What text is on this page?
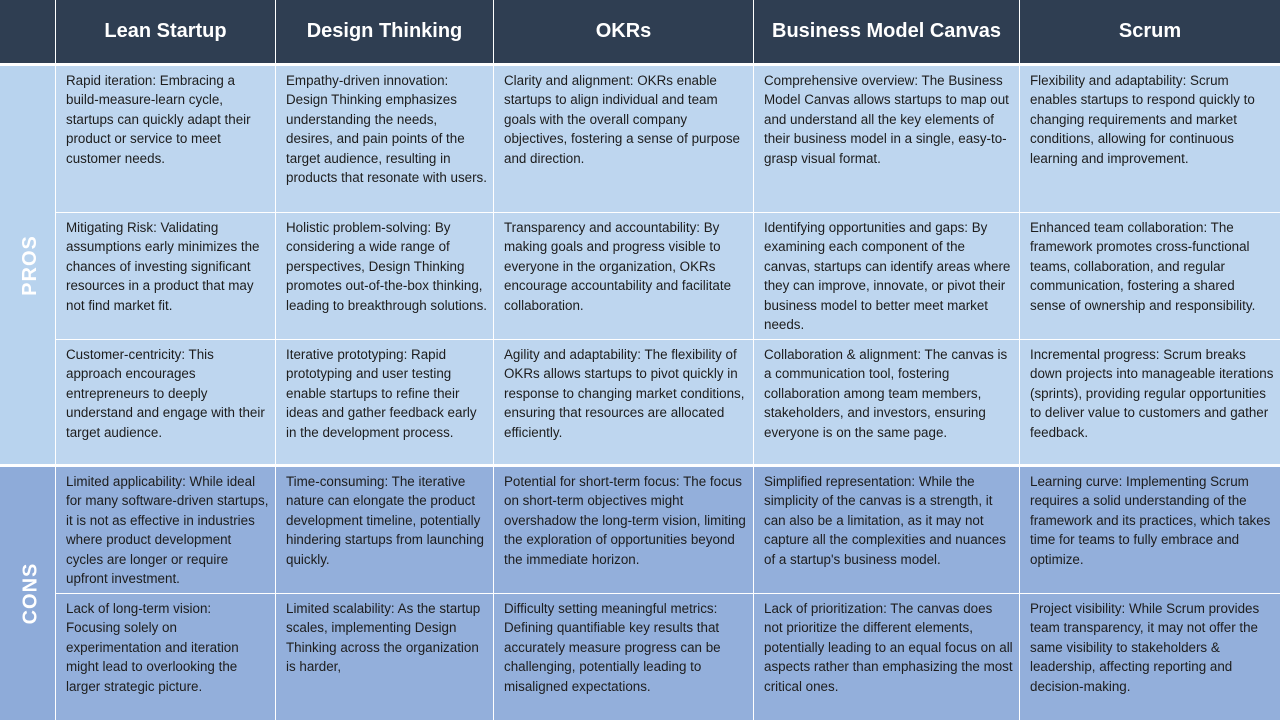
	Lean Startup	Design Thinking	OKRs	Business Model Canvas	Scrum
PROS	Rapid iteration: Embracing a build-measure-learn cycle, startups can quickly adapt their product or service to meet customer needs.	Empathy-driven innovation: Design Thinking emphasizes understanding the needs, desires, and pain points of the target audience, resulting in products that resonate with users.	Clarity and alignment: OKRs enable startups to align individual and team goals with the overall company objectives, fostering a sense of purpose and direction.	Comprehensive overview: The Business Model Canvas allows startups to map out and understand all the key elements of their business model in a single, easy-to-grasp visual format.	Flexibility and adaptability: Scrum enables startups to respond quickly to changing requirements and market conditions, allowing for continuous learning and improvement.
	Mitigating Risk: Validating assumptions early minimizes the chances of investing significant resources in a product that may not find market fit.	Holistic problem-solving: By considering a wide range of perspectives, Design Thinking promotes out-of-the-box thinking, leading to breakthrough solutions.	Transparency and accountability: By making goals and progress visible to everyone in the organization, OKRs encourage accountability and facilitate collaboration.	Identifying opportunities and gaps: By examining each component of the canvas, startups can identify areas where they can improve, innovate, or pivot their business model to better meet market needs.	Enhanced team collaboration: The framework promotes cross-functional teams, collaboration, and regular communication, fostering a shared sense of ownership and responsibility.
	Customer-centricity: This approach encourages entrepreneurs to deeply understand and engage with their target audience.	Iterative prototyping: Rapid prototyping and user testing enable startups to refine their ideas and gather feedback early in the development process.	Agility and adaptability: The flexibility of OKRs allows startups to pivot quickly in response to changing market conditions, ensuring that resources are allocated efficiently.	Collaboration & alignment: The canvas is a communication tool, fostering collaboration among team members, stakeholders, and investors, ensuring everyone is on the same page.	Incremental progress: Scrum breaks down projects into manageable iterations (sprints), providing regular opportunities to deliver value to customers and gather feedback.
CONS	Limited applicability: While ideal for many software-driven startups, it is not as effective in industries where product development cycles are longer or require upfront investment.	Time-consuming: The iterative nature can elongate the product development timeline, potentially hindering startups from launching quickly.	Potential for short-term focus: The focus on short-term objectives might overshadow the long-term vision, limiting the exploration of opportunities beyond the immediate horizon.	Simplified representation: While the simplicity of the canvas is a strength, it can also be a limitation, as it may not capture all the complexities and nuances of a startup's business model.	Learning curve: Implementing Scrum requires a solid understanding of the framework and its practices, which takes time for teams to fully embrace and optimize.
	Lack of long-term vision: Focusing solely on experimentation and iteration might lead to overlooking the larger strategic picture.	Limited scalability: As the startup scales, implementing Design Thinking across the organization is harder,	Difficulty setting meaningful metrics: Defining quantifiable key results that accurately measure progress can be challenging, potentially leading to misaligned expectations.	Lack of prioritization: The canvas does not prioritize the different elements, potentially leading to an equal focus on all aspects rather than emphasizing the most critical ones.	Project visibility: While Scrum provides team transparency, it may not offer the same visibility to stakeholders & leadership, affecting reporting and decision-making.
